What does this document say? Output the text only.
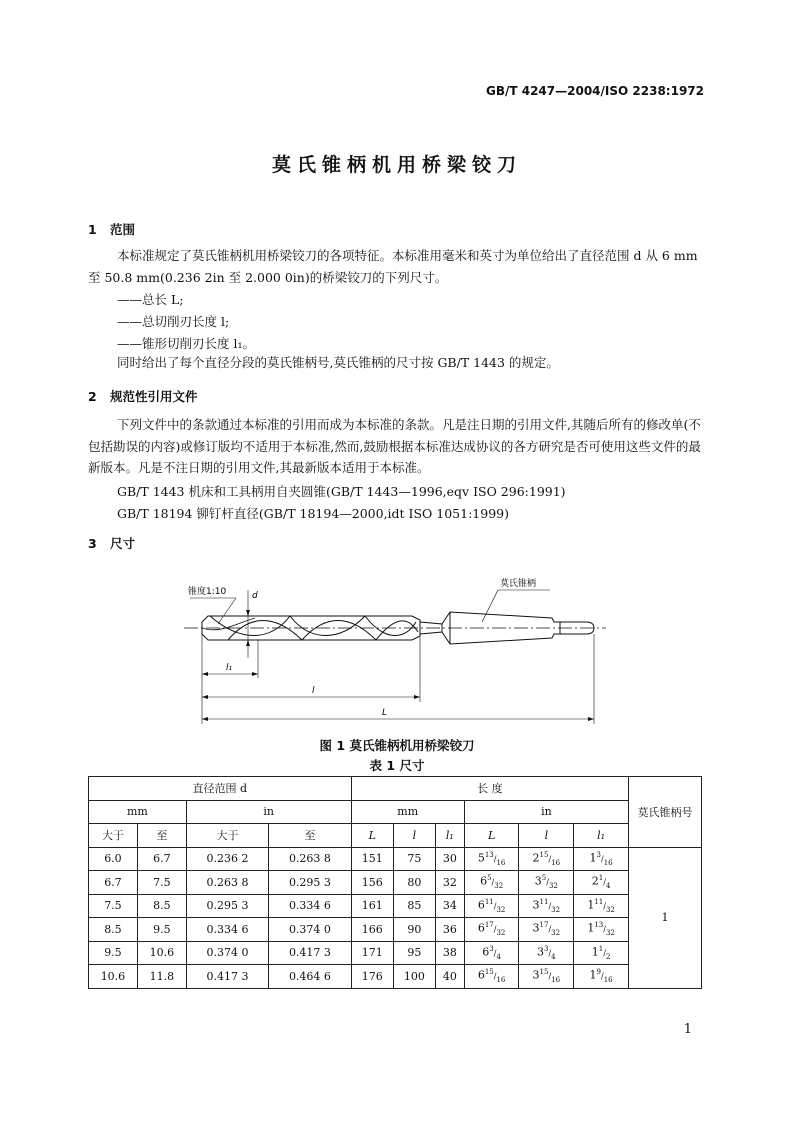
GB/T 4247—2004/ISO 2238:1972
莫氏锥柄机用桥梁铰刀
1 范围
本标准规定了莫氏锥柄机用桥梁铰刀的各项特征。本标准用毫米和英寸为单位给出了直径范围 d 从 6 mm 至 50.8 mm(0.236 2in 至 2.000 0in)的桥梁铰刀的下列尺寸。
——总长 L;
——总切削刃长度 l;
——锥形切削刃长度 l₁。
同时给出了每个直径分段的莫氏锥柄号,莫氏锥柄的尺寸按 GB/T 1443 的规定。
2 规范性引用文件
下列文件中的条款通过本标准的引用而成为本标准的条款。凡是注日期的引用文件,其随后所有的修改单(不包括勘误的内容)或修订版均不适用于本标准,然而,鼓励根据本标准达成协议的各方研究是否可使用这些文件的最新版本。凡是不注日期的引用文件,其最新版本适用于本标准。
GB/T 1443 机床和工具柄用自夹圆锥(GB/T 1443—1996,eqv ISO 296:1991)
GB/T 18194 铆钉杆直径(GB/T 18194—2000,idt ISO 1051:1999)
3 尺寸
锥度1:10
莫氏锥柄
d
l₁
l
L
图 1 莫氏锥柄机用桥梁铰刀
表 1 尺寸
直径范围 d				长 度						莫氏锥柄号
mm		in		mm			in			
大于	至	大于	至	L	l	l₁	L	l	l₁	
6.0	6.7	0.236 2	0.263 8	151	75	30	$5^{13}/_{16}$	$2^{15}/_{16}$	$1^3/_{16}$	1
6.7	7.5	0.263 8	0.295 3	156	80	32	$6^5/_{32}$	$3^5/_{32}$	$2^1/_4$
7.5	8.5	0.295 3	0.334 6	161	85	34	$6^{11}/_{32}$	$3^{11}/_{32}$	$1^{11}/_{32}$
8.5	9.5	0.334 6	0.374 0	166	90	36	$6^{17}/_{32}$	$3^{17}/_{32}$	$1^{13}/_{32}$
9.5	10.6	0.374 0	0.417 3	171	95	38	$6^3/_4$	$3^3/_4$	$1^1/_2$
10.6	11.8	0.417 3	0.464 6	176	100	40	$6^{15}/_{16}$	$3^{15}/_{16}$	$1^9/_{16}$
1
